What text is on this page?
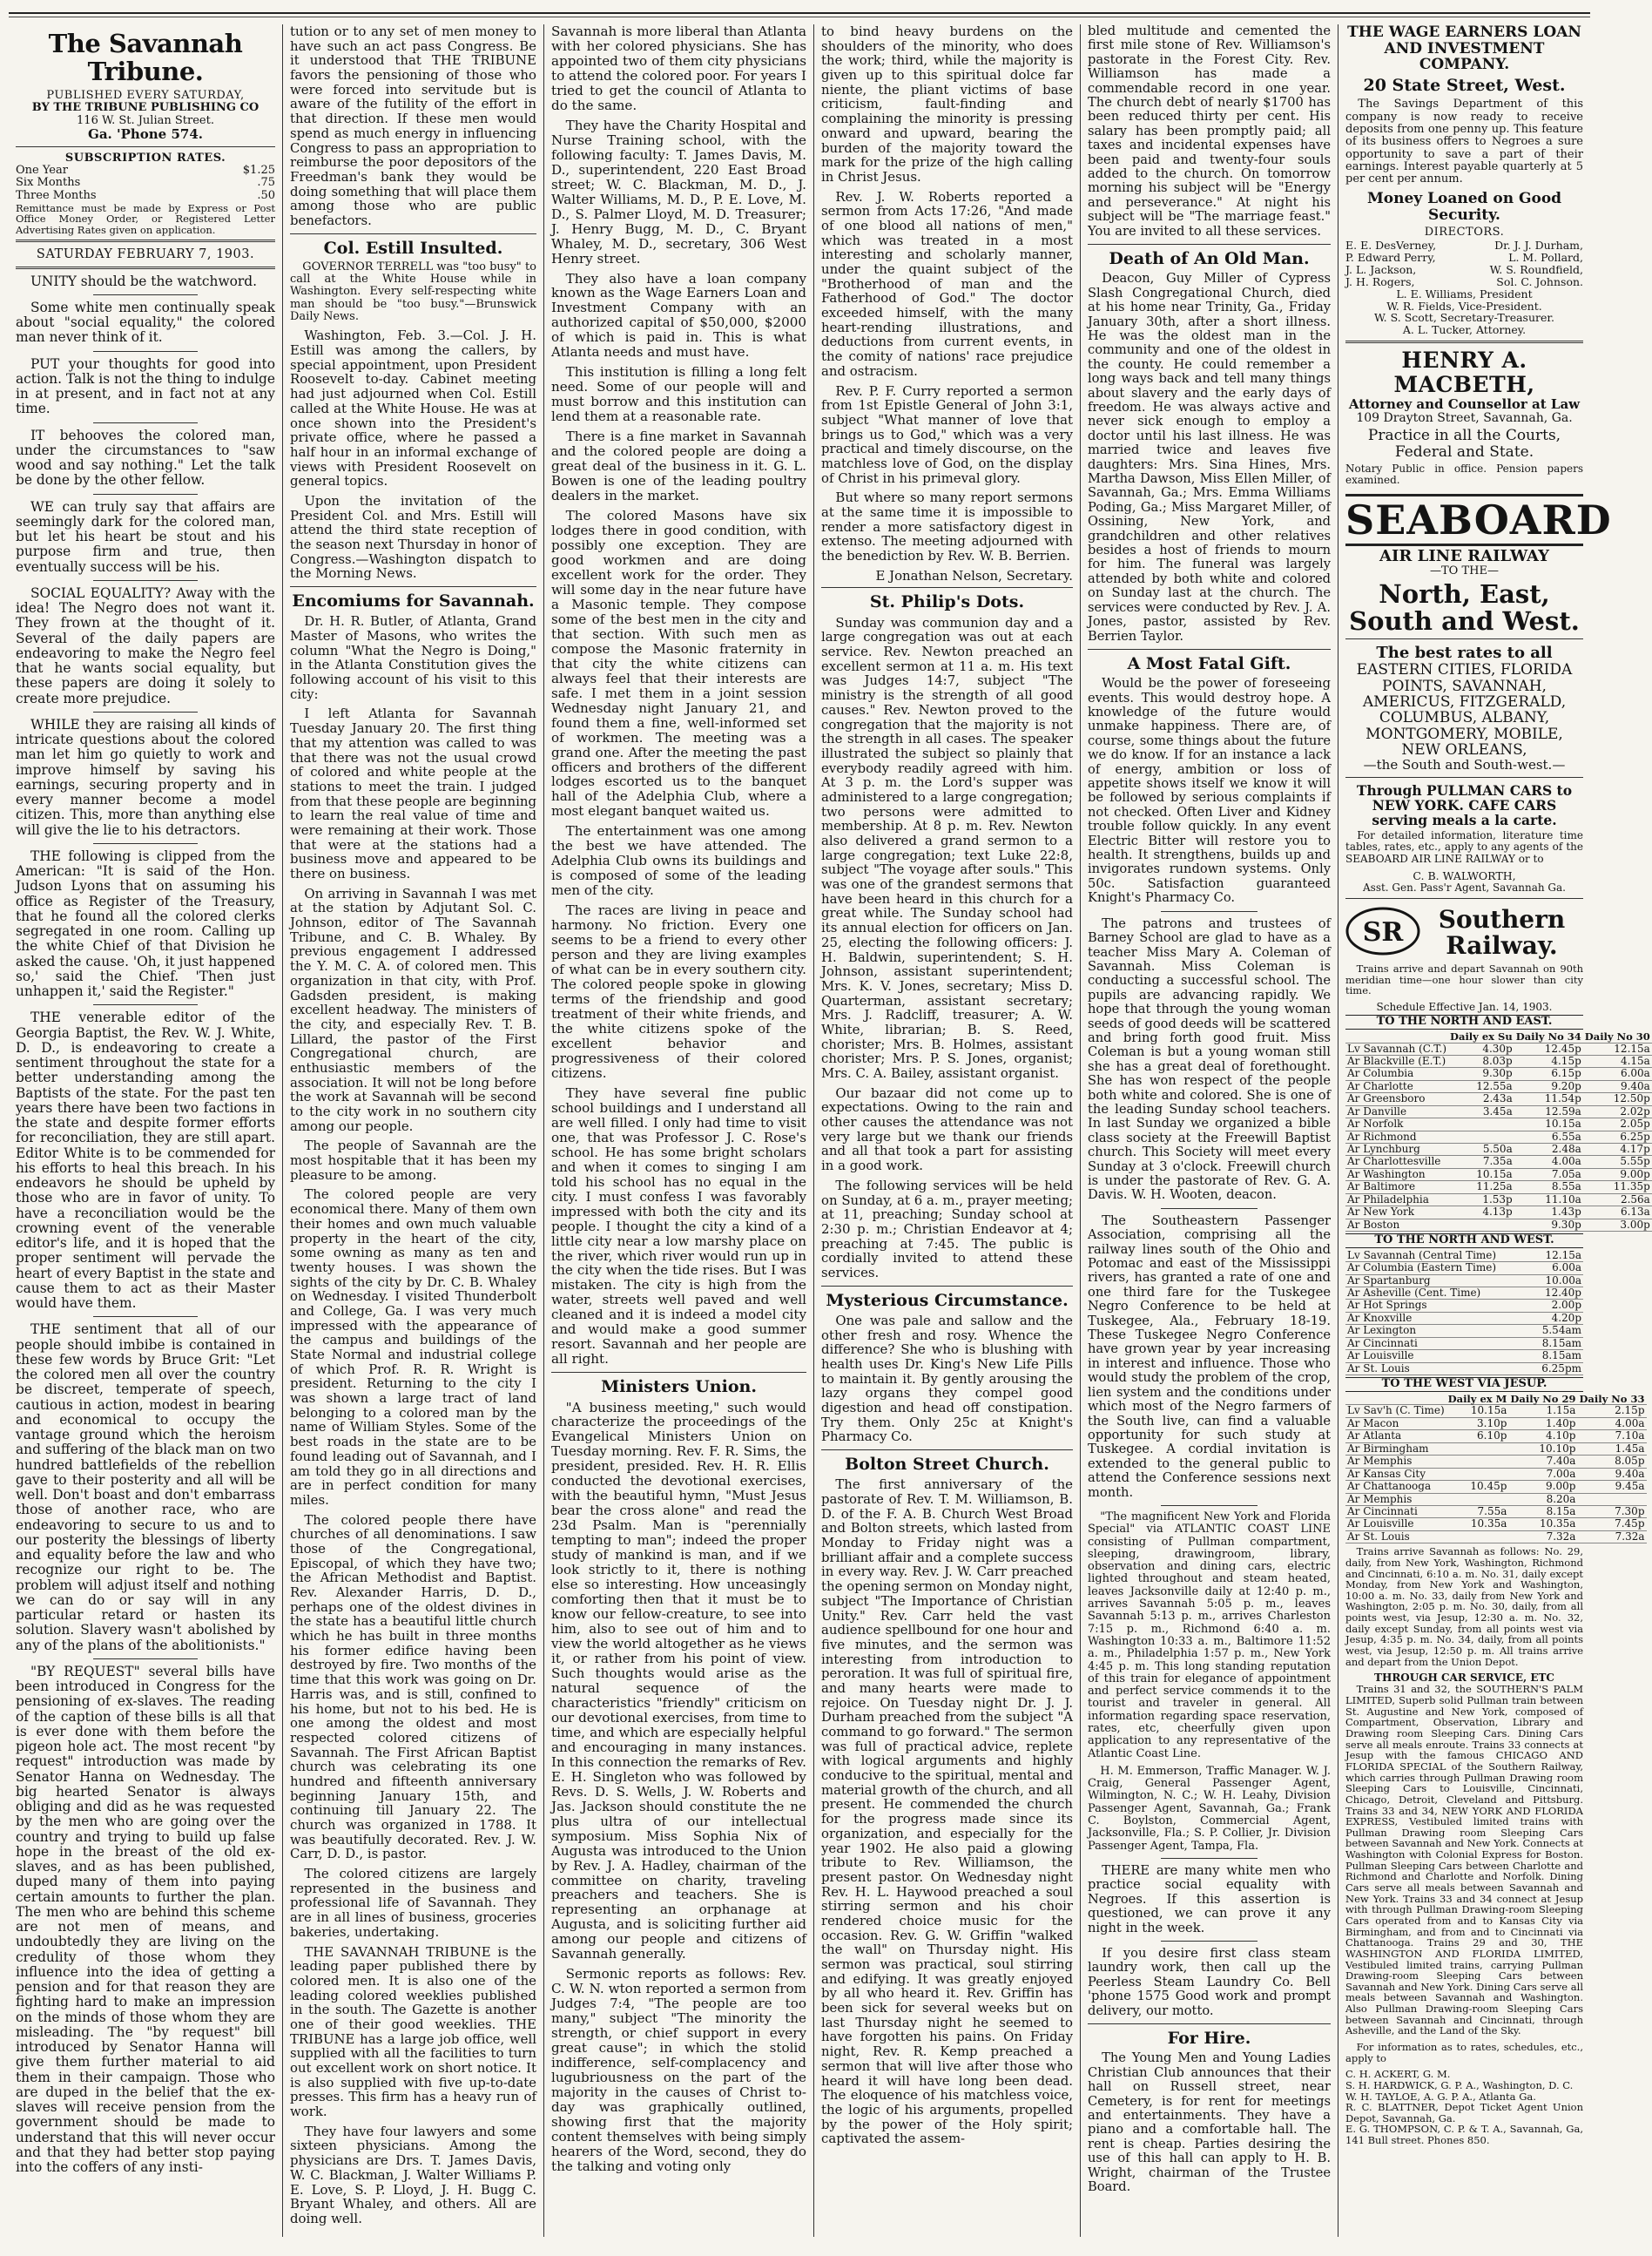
The Savannah Tribune.
PUBLISHED EVERY SATURDAY,
BY THE TRIBUNE PUBLISHING CO
116 W. St. Julian Street.
Ga. 'Phone 574.
SUBSCRIPTION RATES.
One Year	$1.25
Six Months	.75
Three Months	.50
Remittance must be made by Express or Post Office Money Order, or Registered Letter Advertising Rates given on application.
SATURDAY FEBRUARY 7, 1903.

UNITY should be the watchword.

Some white men continually speak about "social equality," the colored man never think of it.

PUT your thoughts for good into action. Talk is not the thing to indulge in at present, and in fact not at any time.

IT behooves the colored man, under the circumstances to "saw wood and say nothing." Let the talk be done by the other fellow.

WE can truly say that affairs are seemingly dark for the colored man, but let his heart be stout and his purpose firm and true, then eventually success will be his.

SOCIAL EQUALITY? Away with the idea! The Negro does not want it. They frown at the thought of it. Several of the daily papers are endeavoring to make the Negro feel that he wants social equality, but these papers are doing it solely to create more prejudice.

WHILE they are raising all kinds of intricate questions about the colored man let him go quietly to work and improve himself by saving his earnings, securing property and in every manner become a model citizen. This, more than anything else will give the lie to his detractors.

THE following is clipped from the American: "It is said of the Hon. Judson Lyons that on assuming his office as Register of the Treasury, that he found all the colored clerks segregated in one room. Calling up the white Chief of that Division he asked the cause. 'Oh, it just happened so,' said the Chief. 'Then just unhappen it,' said the Register."

THE venerable editor of the Georgia Baptist, the Rev. W. J. White, D. D., is endeavoring to create a sentiment throughout the state for a better understanding among the Baptists of the state. For the past ten years there have been two factions in the state and despite former efforts for reconciliation, they are still apart. Editor White is to be commended for his efforts to heal this breach. In his endeavors he should be upheld by those who are in favor of unity. To have a reconciliation would be the crowning event of the venerable editor's life, and it is hoped that the proper sentiment will pervade the heart of every Baptist in the state and cause them to act as their Master would have them.

THE sentiment that all of our people should imbibe is contained in these few words by Bruce Grit: "Let the colored men all over the country be discreet, temperate of speech, cautious in action, modest in bearing and economical to occupy the vantage ground which the heroism and suffering of the black man on two hundred battlefields of the rebellion gave to their posterity and all will be well. Don't boast and don't embarrass those of another race, who are endeavoring to secure to us and to our posterity the blessings of liberty and equality before the law and who recognize our right to be. The problem will adjust itself and nothing we can do or say will in any particular retard or hasten its solution. Slavery wasn't abolished by any of the plans of the abolitionists."

"BY REQUEST" several bills have been introduced in Congress for the pensioning of ex-slaves. The reading of the caption of these bills is all that is ever done with them before the pigeon hole act. The most recent "by request" introduction was made by Senator Hanna on Wednesday. The big hearted Senator is always obliging and did as he was requested by the men who are going over the country and trying to build up false hope in the breast of the old ex-slaves, and as has been published, duped many of them into paying certain amounts to further the plan. The men who are behind this scheme are not men of means, and undoubtedly they are living on the credulity of those whom they influence into the idea of getting a pension and for that reason they are fighting hard to make an impression on the minds of those whom they are misleading. The "by request" bill introduced by Senator Hanna will give them further material to aid them in their campaign. Those who are duped in the belief that the ex-slaves will receive pension from the government should be made to understand that this will never occur and that they had better stop paying into the coffers of any insti-

tution or to any set of men money to have such an act pass Congress. Be it understood that THE TRIBUNE favors the pensioning of those who were forced into servitude but is aware of the futility of the effort in that direction. If these men would spend as much energy in influencing Congress to pass an appropriation to reimburse the poor depositors of the Freedman's bank they would be doing something that will place them among those who are public benefactors.

Col. Estill Insulted.

GOVERNOR TERRELL was "too busy" to call at the White House while in Washington. Every self-respecting white man should be "too busy."—Brunswick Daily News.

Washington, Feb. 3.—Col. J. H. Estill was among the callers, by special appointment, upon President Roosevelt to-day. Cabinet meeting had just adjourned when Col. Estill called at the White House. He was at once shown into the President's private office, where he passed a half hour in an informal exchange of views with President Roosevelt on general topics.

Upon the invitation of the President Col. and Mrs. Estill will attend the third state reception of the season next Thursday in honor of Congress.—Washington dispatch to the Morning News.

Encomiums for Savannah.

Dr. H. R. Butler, of Atlanta, Grand Master of Masons, who writes the column "What the Negro is Doing," in the Atlanta Constitution gives the following account of his visit to this city:

I left Atlanta for Savannah Tuesday January 20. The first thing that my attention was called to was that there was not the usual crowd of colored and white people at the stations to meet the train. I judged from that these people are beginning to learn the real value of time and were remaining at their work. Those that were at the stations had a business move and appeared to be there on business.

On arriving in Savannah I was met at the station by Adjutant Sol. C. Johnson, editor of The Savannah Tribune, and C. B. Whaley. By previous engagement I addressed the Y. M. C. A. of colored men. This organization in that city, with Prof. Gadsden president, is making excellent headway. The ministers of the city, and especially Rev. T. B. Lillard, the pastor of the First Congregational church, are enthusiastic members of the association. It will not be long before the work at Savannah will be second to the city work in no southern city among our people.

The people of Savannah are the most hospitable that it has been my pleasure to be among.

The colored people are very economical there. Many of them own their homes and own much valuable property in the heart of the city, some owning as many as ten and twenty houses. I was shown the sights of the city by Dr. C. B. Whaley on Wednesday. I visited Thunderbolt and College, Ga. I was very much impressed with the appearance of the campus and buildings of the State Normal and industrial college of which Prof. R. R. Wright is president. Returning to the city I was shown a large tract of land belonging to a colored man by the name of William Styles. Some of the best roads in the state are to be found leading out of Savannah, and I am told they go in all directions and are in perfect condition for many miles.

The colored people there have churches of all denominations. I saw those of the Congregational, Episcopal, of which they have two; the African Methodist and Baptist. Rev. Alexander Harris, D. D., perhaps one of the oldest divines in the state has a beautiful little church which he has built in three months his former edifice having been destroyed by fire. Two months of the time that this work was going on Dr. Harris was, and is still, confined to his home, but not to his bed. He is one among the oldest and most respected colored citizens of Savannah. The First African Baptist church was celebrating its one hundred and fifteenth anniversary beginning January 15th, and continuing till January 22. The church was organized in 1788. It was beautifully decorated. Rev. J. W. Carr, D. D., is pastor.

The colored citizens are largely represented in the business and professional life of Savannah. They are in all lines of business, groceries bakeries, undertaking.

THE SAVANNAH TRIBUNE is the leading paper published there by colored men. It is also one of the leading colored weeklies published in the south. The Gazette is another one of their good weeklies. THE TRIBUNE has a large job office, well supplied with all the facilities to turn out excellent work on short notice. It is also supplied with five up-to-date presses. This firm has a heavy run of work.

They have four lawyers and some sixteen physicians. Among the physicians are Drs. T. James Davis, W. C. Blackman, J. Walter Williams P. E. Love, S. P. Lloyd, J. H. Bugg C. Bryant Whaley, and others. All are doing well.

Savannah is more liberal than Atlanta with her colored physicians. She has appointed two of them city physicians to attend the colored poor. For years I tried to get the council of Atlanta to do the same.

They have the Charity Hospital and Nurse Training school, with the following faculty: T. James Davis, M. D., superintendent, 220 East Broad street; W. C. Blackman, M. D., J. Walter Williams, M. D., P. E. Love, M. D., S. Palmer Lloyd, M. D. Treasurer; J. Henry Bugg, M. D., C. Bryant Whaley, M. D., secretary, 306 West Henry street.

They also have a loan company known as the Wage Earners Loan and Investment Company with an authorized capital of $50,000, $2000 of which is paid in. This is what Atlanta needs and must have.

This institution is filling a long felt need. Some of our people will and must borrow and this institution can lend them at a reasonable rate.

There is a fine market in Savannah and the colored people are doing a great deal of the business in it. G. L. Bowen is one of the leading poultry dealers in the market.

The colored Masons have six lodges there in good condition, with possibly one exception. They are good workmen and are doing excellent work for the order. They will some day in the near future have a Masonic temple. They compose some of the best men in the city and that section. With such men as compose the Masonic fraternity in that city the white citizens can always feel that their interests are safe. I met them in a joint session Wednesday night January 21, and found them a fine, well-informed set of workmen. The meeting was a grand one. After the meeting the past officers and brothers of the different lodges escorted us to the banquet hall of the Adelphia Club, where a most elegant banquet waited us.

The entertainment was one among the best we have attended. The Adelphia Club owns its buildings and is composed of some of the leading men of the city.

The races are living in peace and harmony. No friction. Every one seems to be a friend to every other person and they are living examples of what can be in every southern city. The colored people spoke in glowing terms of the friendship and good treatment of their white friends, and the white citizens spoke of the excellent behavior and progressiveness of their colored citizens.

They have several fine public school buildings and I understand all are well filled. I only had time to visit one, that was Professor J. C. Rose's school. He has some bright scholars and when it comes to singing I am told his school has no equal in the city. I must confess I was favorably impressed with both the city and its people. I thought the city a kind of a little city near a low marshy place on the river, which river would run up in the city when the tide rises. But I was mistaken. The city is high from the water, streets well paved and well cleaned and it is indeed a model city and would make a good summer resort. Savannah and her people are all right.

Ministers Union.

"A business meeting," such would characterize the proceedings of the Evangelical Ministers Union on Tuesday morning. Rev. F. R. Sims, the president, presided. Rev. H. R. Ellis conducted the devotional exercises, with the beautiful hymn, "Must Jesus bear the cross alone" and read the 23d Psalm. Man is "perennially tempting to man"; indeed the proper study of mankind is man, and if we look strictly to it, there is nothing else so interesting. How unceasingly comforting then that it must be to know our fellow-creature, to see into him, also to see out of him and to view the world altogether as he views it, or rather from his point of view. Such thoughts would arise as the natural sequence of the characteristics "friendly" criticism on our devotional exercises, from time to time, and which are especially helpful and encouraging in many instances. In this connection the remarks of Rev. E. H. Singleton who was followed by Revs. D. S. Wells, J. W. Roberts and Jas. Jackson should constitute the ne plus ultra of our intellectual symposium. Miss Sophia Nix of Augusta was introduced to the Union by Rev. J. A. Hadley, chairman of the committee on charity, traveling preachers and teachers. She is representing an orphanage at Augusta, and is soliciting further aid among our people and citizens of Savannah generally.

Sermonic reports as follows: Rev. C. W. N. wton reported a sermon from Judges 7:4, "The people are too many," subject "The minority the strength, or chief support in every great cause"; in which the stolid indifference, self-complacency and lugubriousness on the part of the majority in the causes of Christ to-day was graphically outlined, showing first that the majority content themselves with being simply hearers of the Word, second, they do the talking and voting only

to bind heavy burdens on the shoulders of the minority, who does the work; third, while the majority is given up to this spiritual dolce far niente, the pliant victims of base criticism, fault-finding and complaining the minority is pressing onward and upward, bearing the burden of the majority toward the mark for the prize of the high calling in Christ Jesus.

Rev. J. W. Roberts reported a sermon from Acts 17:26, "And made of one blood all nations of men," which was treated in a most interesting and scholarly manner, under the quaint subject of the "Brotherhood of man and the Fatherhood of God." The doctor exceeded himself, with the many heart-rending illustrations, and deductions from current events, in the comity of nations' race prejudice and ostracism.

Rev. P. F. Curry reported a sermon from 1st Epistle General of John 3:1, subject "What manner of love that brings us to God," which was a very practical and timely discourse, on the matchless love of God, on the display of Christ in his primeval glory.

But where so many report sermons at the same time it is impossible to render a more satisfactory digest in extenso. The meeting adjourned with the benediction by Rev. W. B. Berrien.

E Jonathan Nelson, Secretary.
St. Philip's Dots.

Sunday was communion day and a large congregation was out at each service. Rev. Newton preached an excellent sermon at 11 a. m. His text was Judges 14:7, subject "The ministry is the strength of all good causes." Rev. Newton proved to the congregation that the majority is not the strength in all cases. The speaker illustrated the subject so plainly that everybody readily agreed with him. At 3 p. m. the Lord's supper was administered to a large congregation; two persons were admitted to membership. At 8 p. m. Rev. Newton also delivered a grand sermon to a large congregation; text Luke 22:8, subject "The voyage after souls." This was one of the grandest sermons that have been heard in this church for a great while. The Sunday school had its annual election for officers on Jan. 25, electing the following officers: J. H. Baldwin, superintendent; S. H. Johnson, assistant superintendent; Mrs. K. V. Jones, secretary; Miss D. Quarterman, assistant secretary; Mrs. J. Radcliff, treasurer; A. W. White, librarian; B. S. Reed, chorister; Mrs. B. Holmes, assistant chorister; Mrs. P. S. Jones, organist; Mrs. C. A. Bailey, assistant organist.

Our bazaar did not come up to expectations. Owing to the rain and other causes the attendance was not very large but we thank our friends and all that took a part for assisting in a good work.

The following services will be held on Sunday, at 6 a. m., prayer meeting; at 11, preaching; Sunday school at 2:30 p. m.; Christian Endeavor at 4; preaching at 7:45. The public is cordially invited to attend these services.

Mysterious Circumstance.

One was pale and sallow and the other fresh and rosy. Whence the difference? She who is blushing with health uses Dr. King's New Life Pills to maintain it. By gently arousing the lazy organs they compel good digestion and head off constipation. Try them. Only 25c at Knight's Pharmacy Co.

Bolton Street Church.

The first anniversary of the pastorate of Rev. T. M. Williamson, B. D. of the F. A. B. Church West Broad and Bolton streets, which lasted from Monday to Friday night was a brilliant affair and a complete success in every way. Rev. J. W. Carr preached the opening sermon on Monday night, subject "The Importance of Christian Unity." Rev. Carr held the vast audience spellbound for one hour and five minutes, and the sermon was interesting from introduction to peroration. It was full of spiritual fire, and many hearts were made to rejoice. On Tuesday night Dr. J. J. Durham preached from the subject "A command to go forward." The sermon was full of practical advice, replete with logical arguments and highly conducive to the spiritual, mental and material growth of the church, and all present. He commended the church for the progress made since its organization, and especially for the year 1902. He also paid a glowing tribute to Rev. Williamson, the present pastor. On Wednesday night Rev. H. L. Haywood preached a soul stirring sermon and his choir rendered choice music for the occasion. Rev. G. W. Griffin "walked the wall" on Thursday night. His sermon was practical, soul stirring and edifying. It was greatly enjoyed by all who heard it. Rev. Griffin has been sick for several weeks but on last Thursday night he seemed to have forgotten his pains. On Friday night, Rev. R. Kemp preached a sermon that will live after those who heard it will have long been dead. The eloquence of his matchless voice, the logic of his arguments, propelled by the power of the Holy spirit; captivated the assem-

bled multitude and cemented the first mile stone of Rev. Williamson's pastorate in the Forest City. Rev. Williamson has made a commendable record in one year. The church debt of nearly $1700 has been reduced thirty per cent. His salary has been promptly paid; all taxes and incidental expenses have been paid and twenty-four souls added to the church. On tomorrow morning his subject will be "Energy and perseverance." At night his subject will be "The marriage feast." You are invited to all these services.

Death of An Old Man.

Deacon, Guy Miller of Cypress Slash Congregational Church, died at his home near Trinity, Ga., Friday January 30th, after a short illness. He was the oldest man in the community and one of the oldest in the county. He could remember a long ways back and tell many things about slavery and the early days of freedom. He was always active and never sick enough to employ a doctor until his last illness. He was married twice and leaves five daughters: Mrs. Sina Hines, Mrs. Martha Dawson, Miss Ellen Miller, of Savannah, Ga.; Mrs. Emma Williams Poding, Ga.; Miss Margaret Miller, of Ossining, New York, and grandchildren and other relatives besides a host of friends to mourn for him. The funeral was largely attended by both white and colored on Sunday last at the church. The services were conducted by Rev. J. A. Jones, pastor, assisted by Rev. Berrien Taylor.

A Most Fatal Gift.

Would be the power of foreseeing events. This would destroy hope. A knowledge of the future would unmake happiness. There are, of course, some things about the future we do know. If for an instance a lack of energy, ambition or loss of appetite shows itself we know it will be followed by serious complaints if not checked. Often Liver and Kidney trouble follow quickly. In any event Electric Bitter will restore you to health. It strengthens, builds up and invigorates rundown systems. Only 50c. Satisfaction guaranteed Knight's Pharmacy Co.

The patrons and trustees of Barney School are glad to have as a teacher Miss Mary A. Coleman of Savannah. Miss Coleman is conducting a successful school. The pupils are advancing rapidly. We hope that through the young woman seeds of good deeds will be scattered and bring forth good fruit. Miss Coleman is but a young woman still she has a great deal of forethought. She has won respect of the people both white and colored. She is one of the leading Sunday school teachers. In last Sunday we organized a bible class society at the Freewill Baptist church. This Society will meet every Sunday at 3 o'clock. Freewill church is under the pastorate of Rev. G. A. Davis. W. H. Wooten, deacon.

The Southeastern Passenger Association, comprising all the railway lines south of the Ohio and Potomac and east of the Mississippi rivers, has granted a rate of one and one third fare for the Tuskegee Negro Conference to be held at Tuskegee, Ala., February 18-19. These Tuskegee Negro Conference have grown year by year increasing in interest and influence. Those who would study the problem of the crop, lien system and the conditions under which most of the Negro farmers of the South live, can find a valuable opportunity for such study at Tuskegee. A cordial invitation is extended to the general public to attend the Conference sessions next month.

"The magnificent New York and Florida Special" via ATLANTIC COAST LINE consisting of Pullman compartment, sleeping, drawingroom, library, observation and dining cars, electric lighted throughout and steam heated, leaves Jacksonville daily at 12:40 p. m., arrives Savannah 5:05 p. m., leaves Savannah 5:13 p. m., arrives Charleston 7:15 p. m., Richmond 6:40 a. m. Washington 10:33 a. m., Baltimore 11:52 a. m., Philadelphia 1:57 p. m., New York 4:45 p. m. This long standing reputation of this train for elegance of appointment and perfect service commends it to the tourist and traveler in general. All information regarding space reservation, rates, etc, cheerfully given upon application to any representative of the Atlantic Coast Line.

H. M. Emmerson, Traffic Manager. W. J. Craig, General Passenger Agent, Wilmington, N. C.; W. H. Leahy, Division Passenger Agent, Savannah, Ga.; Frank C. Boylston, Commercial Agent, Jacksonville, Fla.; S. P. Collier, Jr. Division Passenger Agent, Tampa, Fla.

THERE are many white men who practice social equality with Negroes. If this assertion is questioned, we can prove it any night in the week.

If you desire first class steam laundry work, then call up the Peerless Steam Laundry Co. Bell 'phone 1575 Good work and prompt delivery, our motto.

For Hire.

The Young Men and Young Ladies Christian Club announces that their hall on Russell street, near Cemetery, is for rent for meetings and entertainments. They have a piano and a comfortable hall. The rent is cheap. Parties desiring the use of this hall can apply to H. B. Wright, chairman of the Trustee Board.

THE WAGE EARNERS LOAN AND INVESTMENT COMPANY.
20 State Street, West.

The Savings Department of this company is now ready to receive deposits from one penny up. This feature of its business offers to Negroes a sure opportunity to save a part of their earnings. Interest payable quarterly at 5 per cent per annum.

Money Loaned on Good Security.
DIRECTORS.
E. E. DesVerney,	Dr. J. J. Durham,
P. Edward Perry,	L. M. Pollard,
J. L. Jackson,	W. S. Roundfield,
J. H. Rogers,	Sol. C. Johnson.
L. E. Williams, President
W. R. Fields, Vice-President.
W. S. Scott, Secretary-Treasurer.
A. L. Tucker, Attorney.
HENRY A. MACBETH,
Attorney and Counsellor at Law
109 Drayton Street, Savannah, Ga.
Practice in all the Courts, Federal and State.
Notary Public in office. Pension papers examined.
SEABOARD
AIR LINE RAILWAY
—TO THE—
North, East, South and West.
The best rates to all
EASTERN CITIES, FLORIDA POINTS, SAVANNAH, AMERICUS, FITZGERALD, COLUMBUS, ALBANY, MONTGOMERY, MOBILE, NEW ORLEANS,
—the South and South-west.—
Through PULLMAN CARS to NEW YORK. CAFE CARS serving meals a la carte.

For detailed information, literature time tables, rates, etc., apply to any agents of the SEABOARD AIR LINE RAILWAY or to

C. B. WALWORTH,
Asst. Gen. Pass'r Agent, Savannah Ga.
SR	Southern
Railway.

Trains arrive and depart Savannah on 90th meridian time—one hour slower than city time.

Schedule Effective Jan. 14, 1903.
TO THE NORTH AND EAST.
	Daily ex Su	Daily No 34	Daily No 30
Lv Savannah (C.T.)	4.30p	12.45p	12.15a
Ar Blackville (E.T.)	8.03p	4.15p	4.15a
Ar Columbia	9.30p	6.15p	6.00a
Ar Charlotte	12.55a	9.20p	9.40a
Ar Greensboro	2.43a	11.54p	12.50p
Ar Danville	3.45a	12.59a	2.02p
Ar Norfolk		10.15a	2.05p
Ar Richmond		6.55a	6.25p
Ar Lynchburg	5.50a	2.48a	4.17p
Ar Charlottesville	7.35a	4.00a	5.55p
Ar Washington	10.15a	7.05a	9.00p
Ar Baltimore	11.25a	8.55a	11.35p
Ar Philadelphia	1.53p	11.10a	2.56a
Ar New York	4.13p	1.43p	6.13a
Ar Boston		9.30p	3.00p
TO THE NORTH AND WEST.
Lv Savannah (Central Time)	12.15a
Ar Columbia (Eastern Time)	6.00a
Ar Spartanburg	10.00a
Ar Asheville (Cent. Time)	12.40p
Ar Hot Springs	2.00p
Ar Knoxville	4.20p
Ar Lexington	5.54am
Ar Cincinnati	8.15am
Ar Louisville	8.15am
Ar St. Louis	6.25pm
TO THE WEST VIA JESUP.
	Daily ex M	Daily No 29	Daily No 33
Lv Sav'h (C. Time)	10.15a	1.15a	2.15p
Ar Macon	3.10p	1.40p	4.00a
Ar Atlanta	6.10p	4.10p	7.10a
Ar Birmingham		10.10p	1.45a
Ar Memphis		7.40a	8.05p
Ar Kansas City		7.00a	9.40a
Ar Chattanooga	10.45p	9.00p	9.45a
Ar Memphis		8.20a	
Ar Cincinnati	7.55a	8.15a	7.30p
Ar Louisville	10.35a	10.35a	7.45p
Ar St. Louis		7.32a	7.32a

Trains arrive Savannah as follows: No. 29, daily, from New York, Washington, Richmond and Cincinnati, 6:10 a. m. No. 31, daily except Monday, from New York and Washington, 10:00 a. m. No. 33, daily from New York and Washington, 2:05 p. m. No. 30, daily, from all points west, via Jesup, 12:30 a. m. No. 32, daily except Sunday, from all points west via Jesup, 4:35 p. m. No. 34, daily, from all points west, via Jesup, 12:50 p. m. All trains arrive and depart from the Union Depot.

THROUGH CAR SERVICE, ETC

Trains 31 and 32, the SOUTHERN'S PALM LIMITED, Superb solid Pullman train between St. Augustine and New York, composed of Compartment, Observation, Library and Drawing room Sleeping Cars. Dining Cars serve all meals enroute. Trains 33 connects at Jesup with the famous CHICAGO AND FLORIDA SPECIAL of the Southern Railway, which carries through Pullman Drawing room Sleeping Cars to Louisville, Cincinnati, Chicago, Detroit, Cleveland and Pittsburg. Trains 33 and 34, NEW YORK AND FLORIDA EXPRESS, Vestibuled limited trains with Pullman Drawing room Sleeping Cars between Savannah and New York. Connects at Washington with Colonial Express for Boston. Pullman Sleeping Cars between Charlotte and Richmond and Charlotte and Norfolk. Dining Cars serve all meals between Savannah and New York. Trains 33 and 34 connect at Jesup with through Pullman Drawing-room Sleeping Cars operated from and to Kansas City via Birmingham, and from and to Cincinnati via Chattanooga. Trains 29 and 30, THE WASHINGTON AND FLORIDA LIMITED, Vestibuled limited trains, carrying Pullman Drawing-room Sleeping Cars between Savannah and New York. Dining Cars serve all meals between Savannah and Washington. Also Pullman Drawing-room Sleeping Cars between Savannah and Cincinnati, through Asheville, and the Land of the Sky.

For information as to rates, schedules, etc., apply to

C. H. ACKERT, G. M.
S. H. HARDWICK, G. P. A., Washington, D. C.
W. H. TAYLOE, A. G. P. A., Atlanta Ga.
R. C. BLATTNER, Depot Ticket Agent Union Depot, Savannah, Ga.
E. G. THOMPSON, C. P. & T. A., Savannah, Ga, 141 Bull street. Phones 850.
